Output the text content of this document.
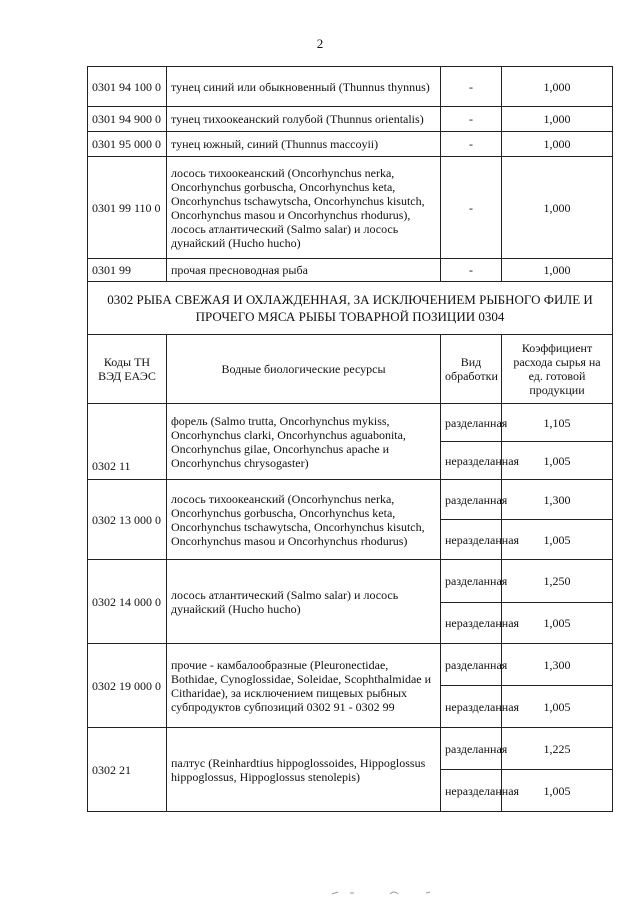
2
0301 94 100 0	тунец синий или обыкновенный (Thunnus thynnus)	-	1,000
0301 94 900 0	тунец тихоокеанский голубой (Thunnus orientalis)	-	1,000
0301 95 000 0	тунец южный, синий (Thunnus maccoyii)	-	1,000
0301 99 110 0	лосось тихоокеанский (Oncorhynchus nerka, Oncorhynchus gorbuscha, Oncorhynchus keta, Oncorhynchus tschawytscha, Oncorhynchus kisutch, Oncorhynchus masou и Oncorhynchus rhodurus), лосось атлантический (Salmo salar) и лосось дунайский (Hucho hucho)	-	1,000
0301 99	прочая пресноводная рыба	-	1,000
0302 РЫБА СВЕЖАЯ И ОХЛАЖДЕННАЯ, ЗА ИСКЛЮЧЕНИЕМ РЫБНОГО ФИЛЕ И ПРОЧЕГО МЯСА РЫБЫ ТОВАРНОЙ ПОЗИЦИИ 0304			
Коды ТН ВЭД ЕАЭС	Водные биологические ресурсы	Вид обработки	Коэффициент расхода сырья на ед. готовой продукции
0302 11	форель (Salmo trutta, Oncorhynchus mykiss, Oncorhynchus clarki, Oncorhynchus aguabonita, Oncorhynchus gilae, Oncorhynchus apache и Oncorhynchus chrysogaster)	разделанная	1,105
		неразделанная	1,005
0302 13 000 0	лосось тихоокеанский (Oncorhynchus nerka, Oncorhynchus gorbuscha, Oncorhynchus keta, Oncorhynchus tschawytscha, Oncorhynchus kisutch, Oncorhynchus masou и Oncorhynchus rhodurus)	разделанная	1,300
		неразделанная	1,005
0302 14 000 0	лосось атлантический (Salmo salar) и лосось дунайский (Hucho hucho)	разделанная	1,250
		неразделанная	1,005
0302 19 000 0	прочие - камбалообразные (Pleuronectidae, Bothidae, Cynoglossidae, Soleidae, Scophthalmidae и Citharidae), за исключением пищевых рыбных субпродуктов субпозиций 0302 91 - 0302 99	разделанная	1,300
		неразделанная	1,005
0302 21	палтус (Reinhardtius hippoglossoides, Hippoglossus hippoglossus, Hippoglossus stenolepis)	разделанная	1,225
		неразделанная	1,005
